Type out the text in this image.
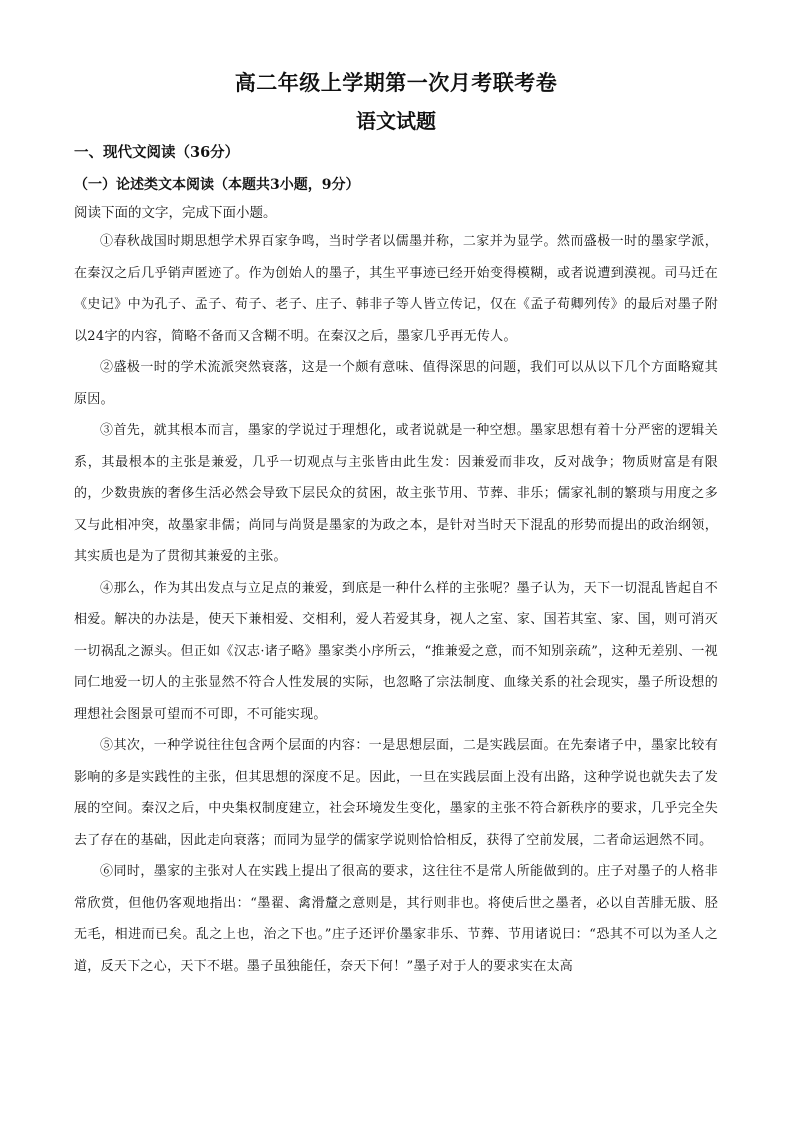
高二年级上学期第一次月考联考卷
语文试题
一、现代文阅读（36分）
（一）论述类文本阅读（本题共3小题，9分）
阅读下面的文字，完成下面小题。

①春秋战国时期思想学术界百家争鸣，当时学者以儒墨并称，二家并为显学。然而盛极一时的墨家学派，在秦汉之后几乎销声匿迹了。作为创始人的墨子，其生平事迹已经开始变得模糊，或者说遭到漠视。司马迁在《史记》中为孔子、孟子、荀子、老子、庄子、韩非子等人皆立传记，仅在《孟子荀卿列传》的最后对墨子附以24字的内容，简略不备而又含糊不明。在秦汉之后，墨家几乎再无传人。

②盛极一时的学术流派突然衰落，这是一个颇有意味、值得深思的问题，我们可以从以下几个方面略窥其原因。

③首先，就其根本而言，墨家的学说过于理想化，或者说就是一种空想。墨家思想有着十分严密的逻辑关系，其最根本的主张是兼爱，几乎一切观点与主张皆由此生发：因兼爱而非攻，反对战争；物质财富是有限的，少数贵族的奢侈生活必然会导致下层民众的贫困，故主张节用、节葬、非乐；儒家礼制的繁琐与用度之多又与此相冲突，故墨家非儒；尚同与尚贤是墨家的为政之本，是针对当时天下混乱的形势而提出的政治纲领，其实质也是为了贯彻其兼爱的主张。

④那么，作为其出发点与立足点的兼爱，到底是一种什么样的主张呢？墨子认为，天下一切混乱皆起自不相爱。解决的办法是，使天下兼相爱、交相利，爱人若爱其身，视人之室、家、国若其室、家、国，则可消灭一切祸乱之源头。但正如《汉志·诸子略》墨家类小序所云，“推兼爱之意，而不知别亲疏”，这种无差别、一视同仁地爱一切人的主张显然不符合人性发展的实际，也忽略了宗法制度、血缘关系的社会现实，墨子所设想的理想社会图景可望而不可即，不可能实现。

⑤其次，一种学说往往包含两个层面的内容：一是思想层面，二是实践层面。在先秦诸子中，墨家比较有影响的多是实践性的主张，但其思想的深度不足。因此，一旦在实践层面上没有出路，这种学说也就失去了发展的空间。秦汉之后，中央集权制度建立，社会环境发生变化，墨家的主张不符合新秩序的要求，几乎完全失去了存在的基础，因此走向衰落；而同为显学的儒家学说则恰恰相反，获得了空前发展，二者命运迥然不同。

⑥同时，墨家的主张对人在实践上提出了很高的要求，这往往不是常人所能做到的。庄子对墨子的人格非常欣赏，但他仍客观地指出：“墨翟、禽滑釐之意则是，其行则非也。将使后世之墨者，必以自苦腓无胈、胫无毛，相进而已矣。乱之上也，治之下也。”庄子还评价墨家非乐、节葬、节用诸说曰：“恐其不可以为圣人之道，反天下之心，天下不堪。墨子虽独能任，奈天下何！”墨子对于人的要求实在太高
